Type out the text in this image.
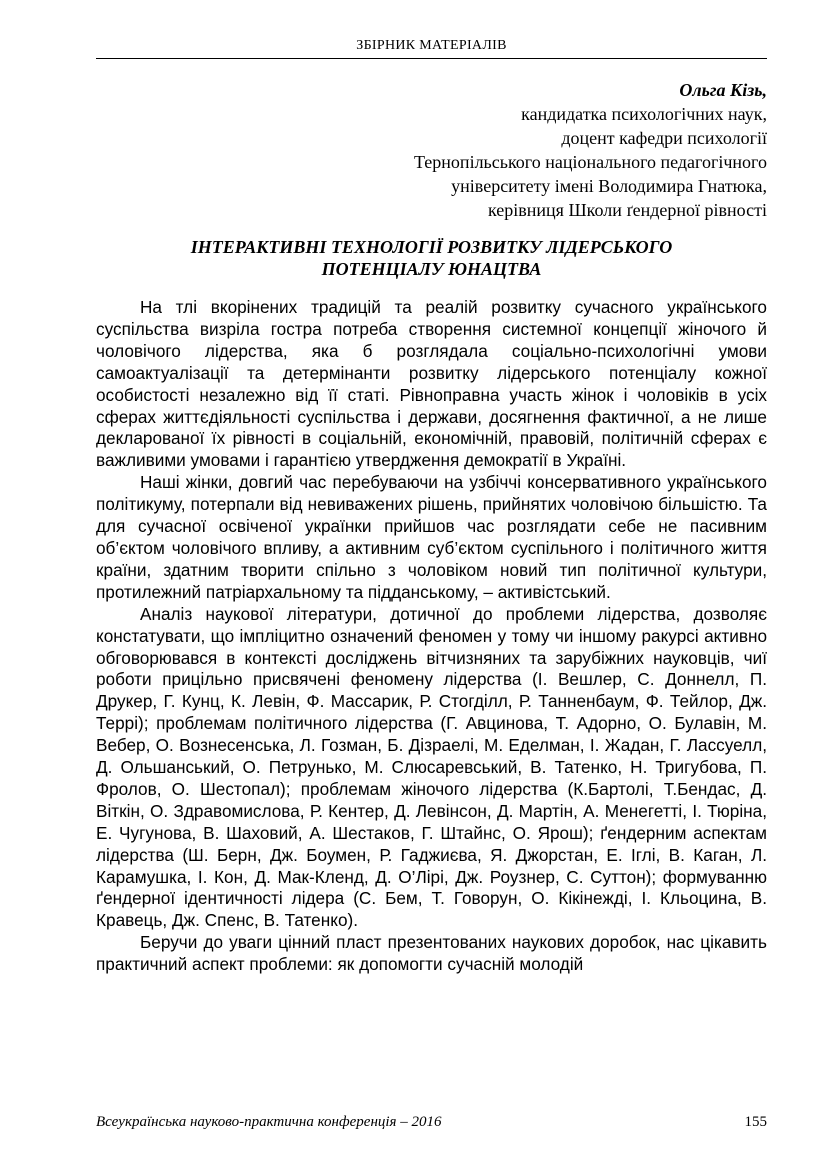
ЗБІРНИК МАТЕРІАЛІВ
Ольга Кізь,
кандидатка психологічних наук,
доцент кафедри психології
Тернопільського національного педагогічного
університету імені Володимира Гнатюка,
керівниця Школи ґендерної рівності
ІНТЕРАКТИВНІ ТЕХНОЛОГІЇ РОЗВИТКУ ЛІДЕРСЬКОГО
ПОТЕНЦІАЛУ ЮНАЦТВА

На тлі вкорінених традицій та реалій розвитку сучасного українського суспільства визріла гостра потреба створення системної концепції жіночого й чоловічого лідерства, яка б розглядала соціально-психологічні умови самоактуалізації та детермінанти розвитку лідерського потенціалу кожної особистості незалежно від її статі. Рівноправна участь жінок і чоловіків в усіх сферах життєдіяльності суспільства і держави, досягнення фактичної, а не лише декларованої їх рівності в соціальній, економічній, правовій, політичній сферах є важливими умовами і гарантією утвердження демократії в Україні.

Наші жінки, довгий час перебуваючи на узбіччі консервативного українського політикуму, потерпали від невиважених рішень, прийнятих чоловічою більшістю. Та для сучасної освіченої українки прийшов час розглядати себе не пасивним об’єктом чоловічого впливу, а активним суб’єктом суспільного і політичного життя країни, здатним творити спільно з чоловіком новий тип політичної культури, протилежний патріархальному та підданському, – активістський.

Аналіз наукової літератури, дотичної до проблеми лідерства, дозволяє констатувати, що імпліцитно означений феномен у тому чи іншому ракурсі активно обговорювався в контексті досліджень вітчизняних та зарубіжних науковців, чиї роботи прицільно присвячені феномену лідерства (І. Вешлер, С. Доннелл, П. Друкер, Г. Кунц, К. Левін, Ф. Массарик, Р. Стогділл, Р. Танненбаум, Ф. Тейлор, Дж. Террі); проблемам політичного лідерства (Г. Авцинова, Т. Адорно, О. Булавін, М. Вебер, О. Вознесенська, Л. Гозман, Б. Дізраелі, М. Еделман, І. Жадан, Г. Лассуелл, Д. Ольшанський, О. Петрунько, М. Слюсаревський, В. Татенко, Н. Тригубова, П. Фролов, О. Шестопал); проблемам жіночого лідерства (К.Бартолі, Т.Бендас, Д. Віткін, О. Здравомислова, Р. Кентер, Д. Левінсон, Д. Мартін, А. Менегетті, І. Тюріна, Е. Чугунова, В. Шаховий, А. Шестаков, Г. Штайнс, О. Ярош); ґендерним аспектам лідерства (Ш. Берн, Дж. Боумен, Р. Гаджиєва, Я. Джорстан, Е. Іглі, В. Каган, Л. Карамушка, І. Кон, Д. Мак-Кленд, Д. О’Лірі, Дж. Роузнер, С. Суттон); формуванню ґендерної ідентичності лідера (С. Бем, Т. Говорун, О. Кікінежді, І. Кльоцина, В. Кравець, Дж. Спенс, В. Татенко).

Беручи до уваги цінний пласт презентованих наукових доробок, нас цікавить практичний аспект проблеми: як допомогти сучасній молодій

Всеукраїнська науково-практична конференція – 2016	155
